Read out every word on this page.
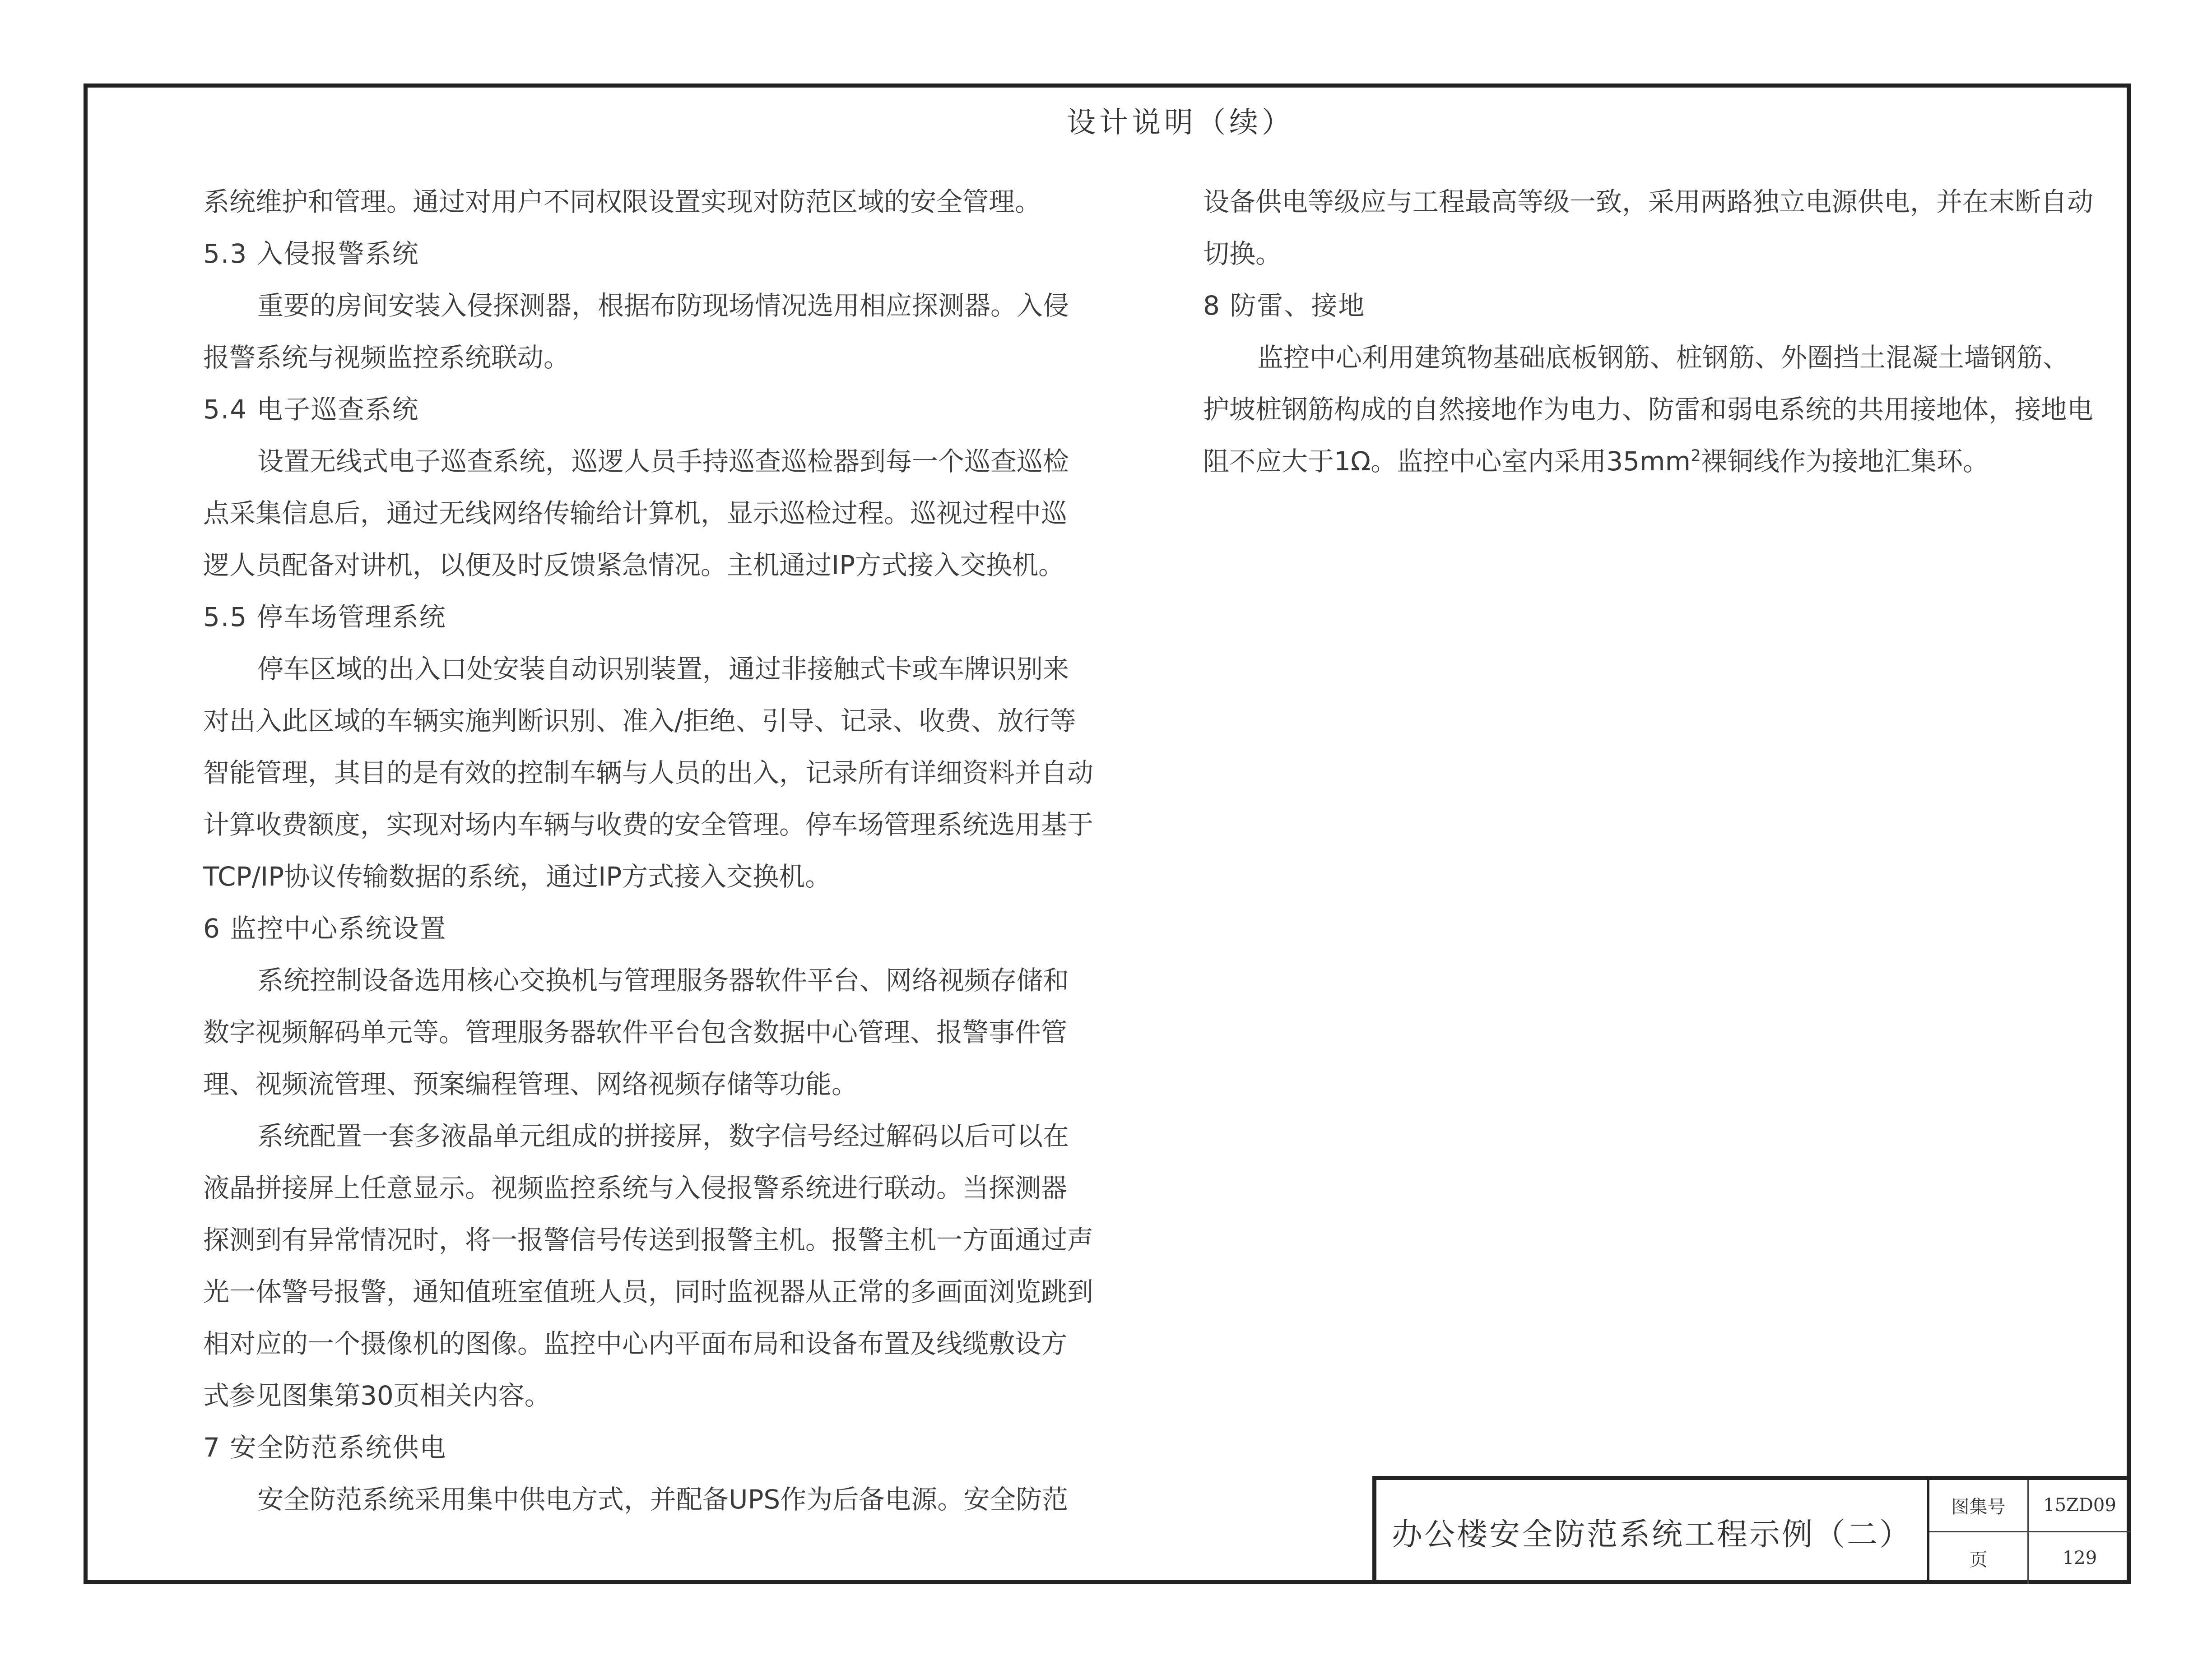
设计说明（续）
系统维护和管理。通过对用户不同权限设置实现对防范区域的安全管理。
5.3 入侵报警系统
重要的房间安装入侵探测器，根据布防现场情况选用相应探测器。入侵
报警系统与视频监控系统联动。
5.4 电子巡查系统
设置无线式电子巡查系统，巡逻人员手持巡查巡检器到每一个巡查巡检
点采集信息后，通过无线网络传输给计算机，显示巡检过程。巡视过程中巡
逻人员配备对讲机，以便及时反馈紧急情况。主机通过IP方式接入交换机。
5.5 停车场管理系统
停车区域的出入口处安装自动识别装置，通过非接触式卡或车牌识别来
对出入此区域的车辆实施判断识别、准入/拒绝、引导、记录、收费、放行等
智能管理，其目的是有效的控制车辆与人员的出入，记录所有详细资料并自动
计算收费额度，实现对场内车辆与收费的安全管理。停车场管理系统选用基于
TCP/IP协议传输数据的系统，通过IP方式接入交换机。
6 监控中心系统设置
系统控制设备选用核心交换机与管理服务器软件平台、网络视频存储和
数字视频解码单元等。管理服务器软件平台包含数据中心管理、报警事件管
理、视频流管理、预案编程管理、网络视频存储等功能。
系统配置一套多液晶单元组成的拼接屏，数字信号经过解码以后可以在
液晶拼接屏上任意显示。视频监控系统与入侵报警系统进行联动。当探测器
探测到有异常情况时，将一报警信号传送到报警主机。报警主机一方面通过声
光一体警号报警，通知值班室值班人员，同时监视器从正常的多画面浏览跳到
相对应的一个摄像机的图像。监控中心内平面布局和设备布置及线缆敷设方
式参见图集第30页相关内容。
7 安全防范系统供电
安全防范系统采用集中供电方式，并配备UPS作为后备电源。安全防范
设备供电等级应与工程最高等级一致，采用两路独立电源供电，并在末断自动
切换。
8 防雷、接地
监控中心利用建筑物基础底板钢筋、桩钢筋、外圈挡土混凝土墙钢筋、
护坡桩钢筋构成的自然接地作为电力、防雷和弱电系统的共用接地体，接地电
阻不应大于1Ω。监控中心室内采用$35mm^2$裸铜线作为接地汇集环。
办公楼安全防范系统工程示例（二）
图集号	15ZD09
页	129
